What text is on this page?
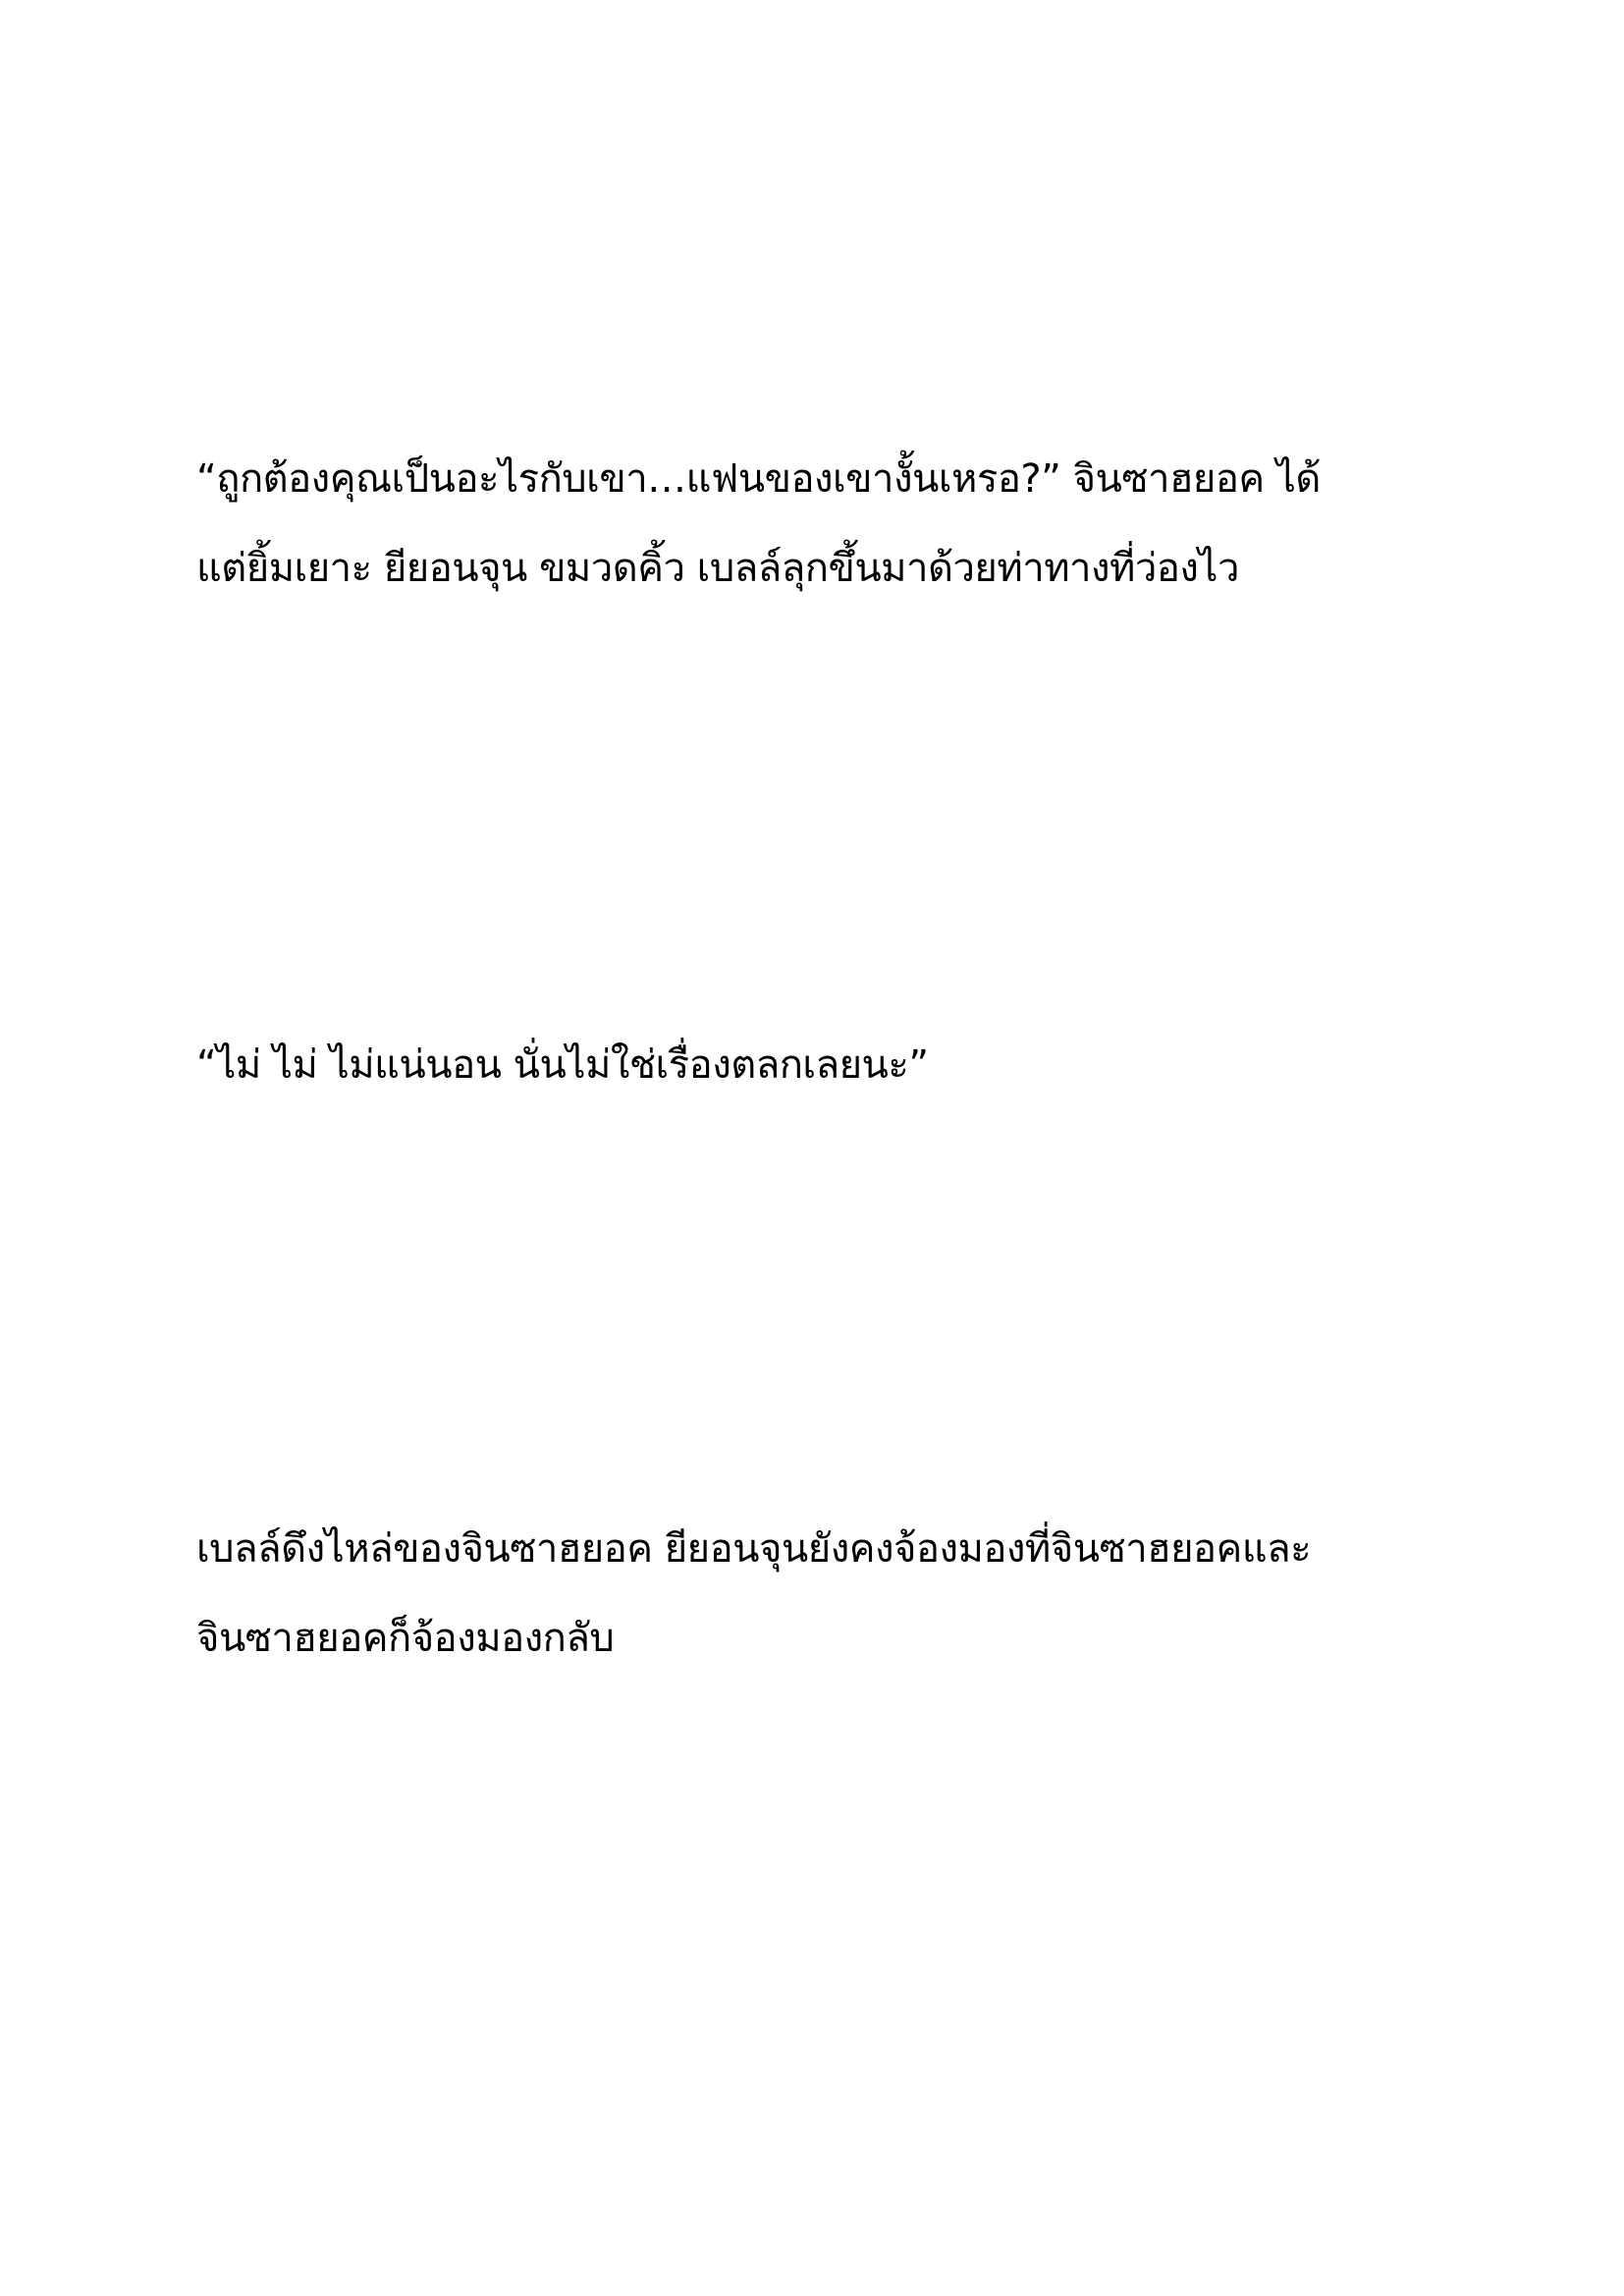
“ถูกต้องคุณเป็นอะไรกับเขา…แฟนของเขางั้นเหรอ?” จินซาฮยอค ได้
แต่ยิ้มเยาะ ยียอนจุน ขมวดคิ้ว เบลล์ลุกขึ้นมาด้วยท่าทางที่ว่องไว

“ไม่ ไม่ ไม่แน่นอน นั่นไม่ใช่เรื่องตลกเลยนะ”

เบลล์ดึงไหล่ของจินซาฮยอค ยียอนจุนยังคงจ้องมองที่จินซาฮยอคและ
จินซาฮยอคก็จ้องมองกลับ
